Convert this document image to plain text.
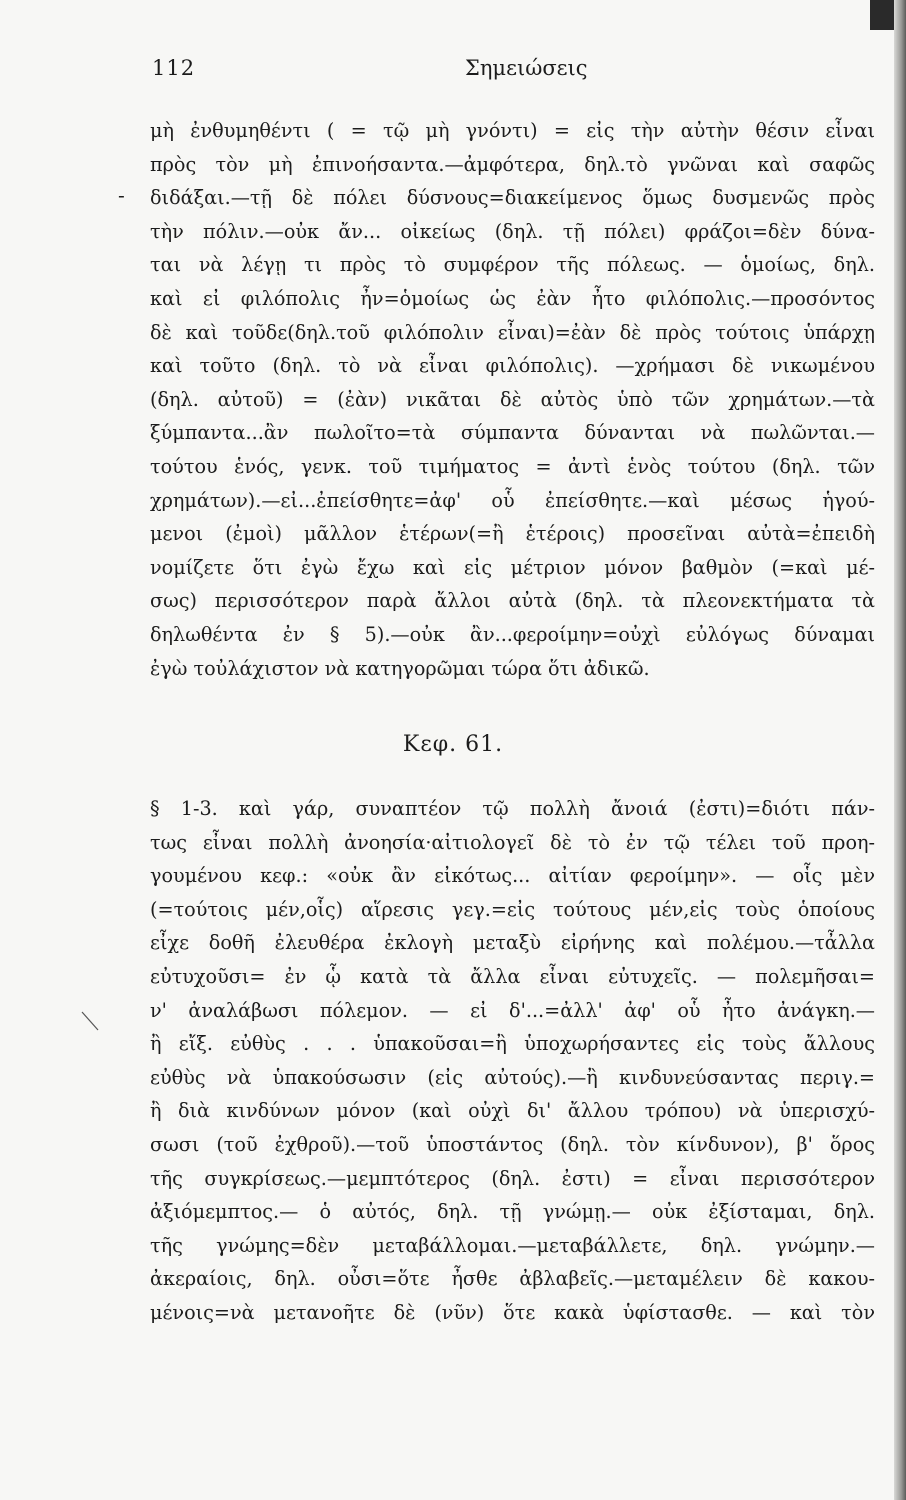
112	Σημειώσεις
-
μὴ ἐνθυμηθέντι ( = τῷ μὴ γνόντι) = εἰς τὴν αὐτὴν θέσιν εἶναι
πρὸς τὸν μὴ ἐπινοήσαντα.—ἀμφότερα, δηλ.τὸ γνῶναι καὶ σαφῶς
διδάξαι.—τῇ δὲ πόλει δύσνους=διακείμενος ὅμως δυσμενῶς πρὸς
τὴν πόλιν.—οὐκ ἄν... οἰκείως (δηλ. τῇ πόλει) φράζοι=δὲν δύνα-
ται νὰ λέγῃ τι πρὸς τὸ συμφέρον τῆς πόλεως. — ὁμοίως, δηλ.
καὶ εἰ φιλόπολις ἦν=ὁμοίως ὡς ἐὰν ἦτο φιλόπολις.—προσόντος
δὲ καὶ τοῦδε(δηλ.τοῦ φιλόπολιν εἶναι)=ἐὰν δὲ πρὸς τούτοις ὑπάρχῃ
καὶ τοῦτο (δηλ. τὸ νὰ εἶναι φιλόπολις). —χρήμασι δὲ νικωμένου
(δηλ. αὐτοῦ) = (ἐὰν) νικᾶται δὲ αὐτὸς ὑπὸ τῶν χρημάτων.—τὰ
ξύμπαντα...ἂν πωλοῖτο=τὰ σύμπαντα δύνανται νὰ πωλῶνται.—
τούτου ἑνός, γενκ. τοῦ τιμήματος = ἀντὶ ἑνὸς τούτου (δηλ. τῶν
χρημάτων).—εἰ...ἐπείσθητε=ἀφ' οὗ ἐπείσθητε.—καὶ μέσως ἡγού-
μενοι (ἐμοὶ) μᾶλλον ἑτέρων(=ἢ ἑτέροις) προσεῖναι αὐτὰ=ἐπειδὴ
νομίζετε ὅτι ἐγὼ ἔχω καὶ εἰς μέτριον μόνον βαθμὸν (=καὶ μέ-
σως) περισσότερον παρὰ ἄλλοι αὐτὰ (δηλ. τὰ πλεονεκτήματα τὰ
δηλωθέντα ἐν § 5).—οὐκ ἂν...φεροίμην=οὐχὶ εὐλόγως δύναμαι
ἐγὼ τοὐλάχιστον νὰ κατηγορῶμαι τώρα ὅτι ἀδικῶ.
Κεφ. 61.
§ 1-3. καὶ γάρ, συναπτέον τῷ πολλὴ ἄνοιά (ἐστι)=διότι πάν-
τως εἶναι πολλὴ ἀνοησία·αἰτιολογεῖ δὲ τὸ ἐν τῷ τέλει τοῦ προη-
γουμένου κεφ.: «οὐκ ἂν εἰκότως... αἰτίαν φεροίμην». — οἷς μὲν
(=τούτοις μέν,οἷς) αἵρεσις γεγ.=εἰς τούτους μέν,εἰς τοὺς ὁποίους
εἶχε δοθῆ ἐλευθέρα ἐκλογὴ μεταξὺ εἰρήνης καὶ πολέμου.—τἆλλα
εὐτυχοῦσι= ἐν ᾧ κατὰ τὰ ἄλλα εἶναι εὐτυχεῖς. — πολεμῆσαι=
ν' ἀναλάβωσι πόλεμον. — εἰ δ'...=ἀλλ' ἀφ' οὗ ἦτο ἀνάγκη.—
ἢ εἴξ. εὐθὺς . . . ὑπακοῦσαι=ἢ ὑποχωρήσαντες εἰς τοὺς ἄλλους
εὐθὺς νὰ ὑπακούσωσιν (εἰς αὐτούς).—ἢ κινδυνεύσαντας περιγ.=
ἢ διὰ κινδύνων μόνον (καὶ οὐχὶ δι' ἄλλου τρόπου) νὰ ὑπερισχύ-
σωσι (τοῦ ἐχθροῦ).—τοῦ ὑποστάντος (δηλ. τὸν κίνδυνον), β' ὅρος
τῆς συγκρίσεως.—μεμπτότερος (δηλ. ἐστι) = εἶναι περισσότερον
ἀξιόμεμπτος.— ὁ αὐτός, δηλ. τῇ γνώμῃ.— οὐκ ἐξίσταμαι, δηλ.
τῆς γνώμης=δὲν μεταβάλλομαι.—μεταβάλλετε, δηλ. γνώμην.—
ἀκεραίοις, δηλ. οὖσι=ὅτε ἦσθε ἀβλαβεῖς.—μεταμέλειν δὲ κακου-
μένοις=νὰ μετανοῆτε δὲ (νῦν) ὅτε κακὰ ὑφίστασθε. — καὶ τὸν
